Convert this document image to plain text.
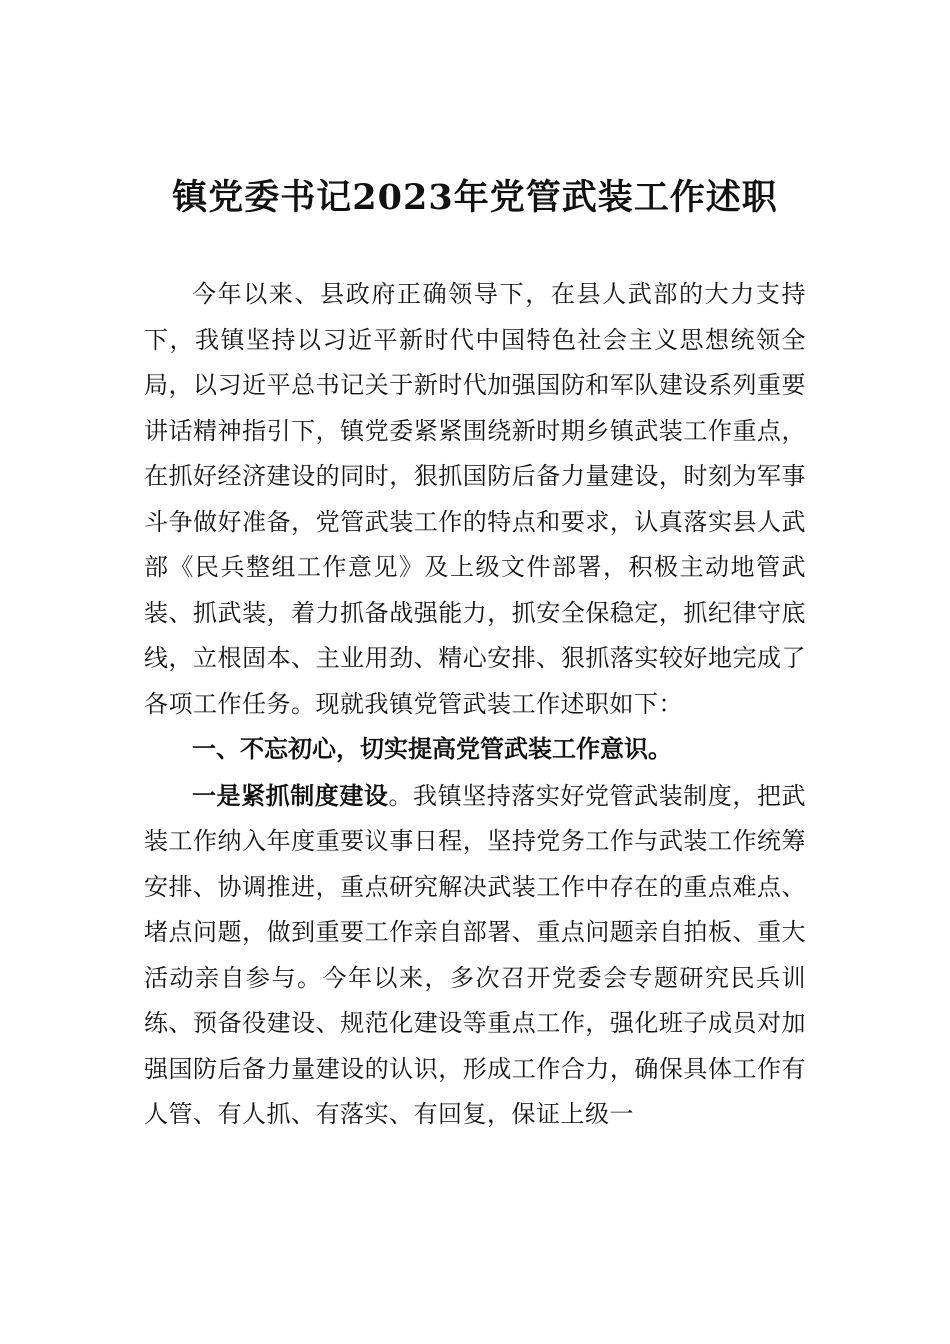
镇党委书记2023年党管武装工作述职

今年以来、县政府正确领导下，在县人武部的大力支持下，我镇坚持以习近平新时代中国特色社会主义思想统领全局，以习近平总书记关于新时代加强国防和军队建设系列重要讲话精神指引下，镇党委紧紧围绕新时期乡镇武装工作重点，在抓好经济建设的同时，狠抓国防后备力量建设，时刻为军事斗争做好准备，党管武装工作的特点和要求，认真落实县人武部《民兵整组工作意见》及上级文件部署，积极主动地管武装、抓武装，着力抓备战强能力，抓安全保稳定，抓纪律守底线，立根固本、主业用劲、精心安排、狠抓落实较好地完成了各项工作任务。现就我镇党管武装工作述职如下：

一、不忘初心，切实提高党管武装工作意识。

一是紧抓制度建设。我镇坚持落实好党管武装制度，把武装工作纳入年度重要议事日程，坚持党务工作与武装工作统筹安排、协调推进，重点研究解决武装工作中存在的重点难点、堵点问题，做到重要工作亲自部署、重点问题亲自拍板、重大活动亲自参与。今年以来，多次召开党委会专题研究民兵训练、预备役建设、规范化建设等重点工作，强化班子成员对加强国防后备力量建设的认识，形成工作合力，确保具体工作有人管、有人抓、有落实、有回复，保证上级一
